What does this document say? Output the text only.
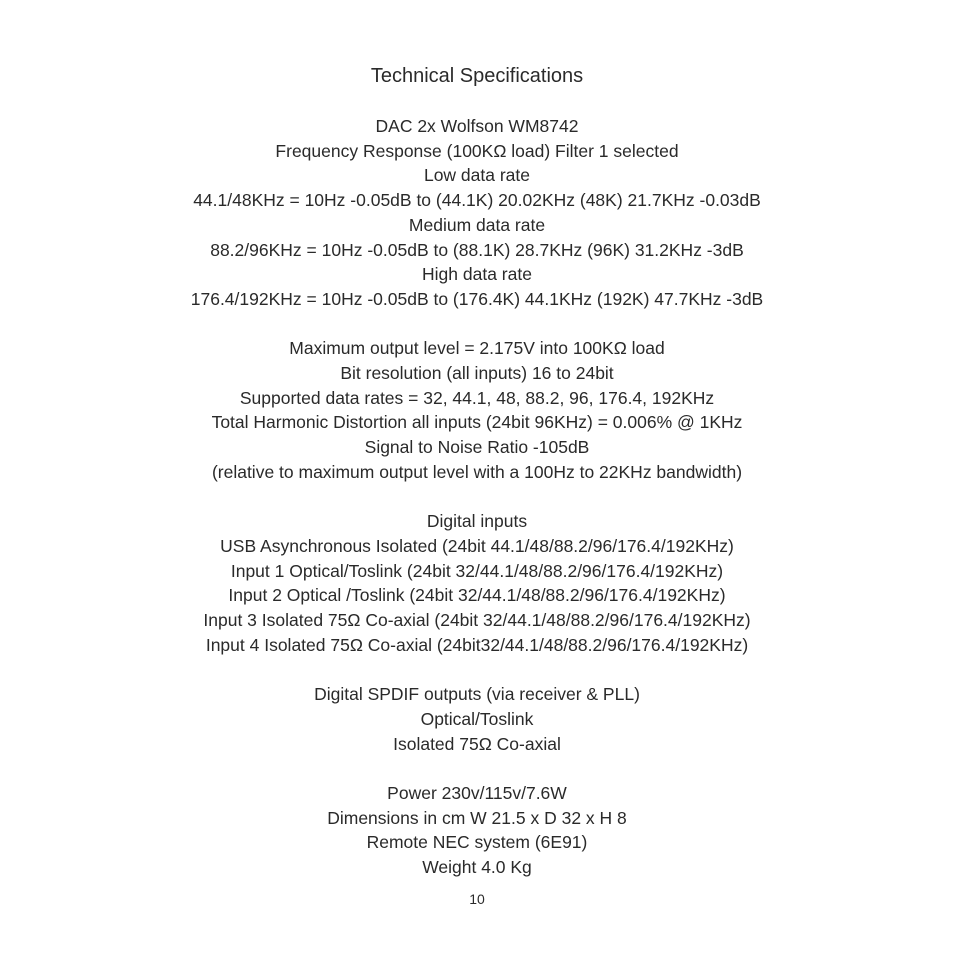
Technical Specifications
DAC 2x Wolfson WM8742
Frequency Response (100KΩ load) Filter 1 selected
Low data rate
44.1/48KHz = 10Hz -0.05dB to (44.1K) 20.02KHz (48K) 21.7KHz -0.03dB
Medium data rate
88.2/96KHz = 10Hz -0.05dB to (88.1K) 28.7KHz (96K) 31.2KHz -3dB
High data rate
176.4/192KHz = 10Hz -0.05dB to (176.4K) 44.1KHz (192K) 47.7KHz -3dB
Maximum output level = 2.175V into 100KΩ load
Bit resolution (all inputs) 16 to 24bit
Supported data rates = 32, 44.1, 48, 88.2, 96, 176.4, 192KHz
Total Harmonic Distortion all inputs (24bit 96KHz) = 0.006% @ 1KHz
Signal to Noise Ratio -105dB
(relative to maximum output level with a 100Hz to 22KHz bandwidth)
Digital inputs
USB Asynchronous Isolated (24bit 44.1/48/88.2/96/176.4/192KHz)
Input 1 Optical/Toslink (24bit 32/44.1/48/88.2/96/176.4/192KHz)
Input 2 Optical /Toslink (24bit 32/44.1/48/88.2/96/176.4/192KHz)
Input 3 Isolated 75Ω Co-axial (24bit 32/44.1/48/88.2/96/176.4/192KHz)
Input 4 Isolated 75Ω Co-axial (24bit32/44.1/48/88.2/96/176.4/192KHz)
Digital SPDIF outputs (via receiver & PLL)
Optical/Toslink
Isolated 75Ω Co-axial
Power 230v/115v/7.6W
Dimensions in cm W 21.5 x D 32 x H 8
Remote NEC system (6E91)
Weight 4.0 Kg
10
